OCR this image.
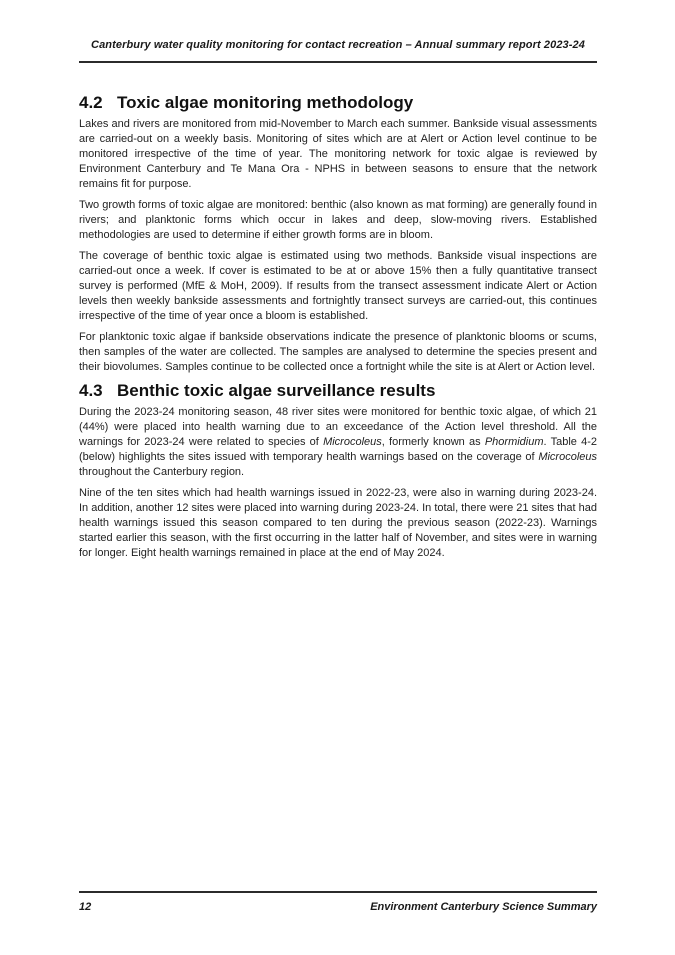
Canterbury water quality monitoring for contact recreation – Annual summary report 2023-24
4.2 Toxic algae monitoring methodology

Lakes and rivers are monitored from mid-November to March each summer. Bankside visual assessments are carried-out on a weekly basis. Monitoring of sites which are at Alert or Action level continue to be monitored irrespective of the time of year. The monitoring network for toxic algae is reviewed by Environment Canterbury and Te Mana Ora - NPHS in between seasons to ensure that the network remains fit for purpose.

Two growth forms of toxic algae are monitored: benthic (also known as mat forming) are generally found in rivers; and planktonic forms which occur in lakes and deep, slow-moving rivers. Established methodologies are used to determine if either growth forms are in bloom.

The coverage of benthic toxic algae is estimated using two methods. Bankside visual inspections are carried-out once a week. If cover is estimated to be at or above 15% then a fully quantitative transect survey is performed (MfE & MoH, 2009). If results from the transect assessment indicate Alert or Action levels then weekly bankside assessments and fortnightly transect surveys are carried-out, this continues irrespective of the time of year once a bloom is established.

For planktonic toxic algae if bankside observations indicate the presence of planktonic blooms or scums, then samples of the water are collected. The samples are analysed to determine the species present and their biovolumes. Samples continue to be collected once a fortnight while the site is at Alert or Action level.

4.3 Benthic toxic algae surveillance results

During the 2023-24 monitoring season, 48 river sites were monitored for benthic toxic algae, of which 21 (44%) were placed into health warning due to an exceedance of the Action level threshold. All the warnings for 2023-24 were related to species of Microcoleus, formerly known as Phormidium. Table 4-2 (below) highlights the sites issued with temporary health warnings based on the coverage of Microcoleus throughout the Canterbury region.

Nine of the ten sites which had health warnings issued in 2022-23, were also in warning during 2023-24. In addition, another 12 sites were placed into warning during 2023-24. In total, there were 21 sites that had health warnings issued this season compared to ten during the previous season (2022-23). Warnings started earlier this season, with the first occurring in the latter half of November, and sites were in warning for longer. Eight health warnings remained in place at the end of May 2024.

12	Environment Canterbury Science Summary
